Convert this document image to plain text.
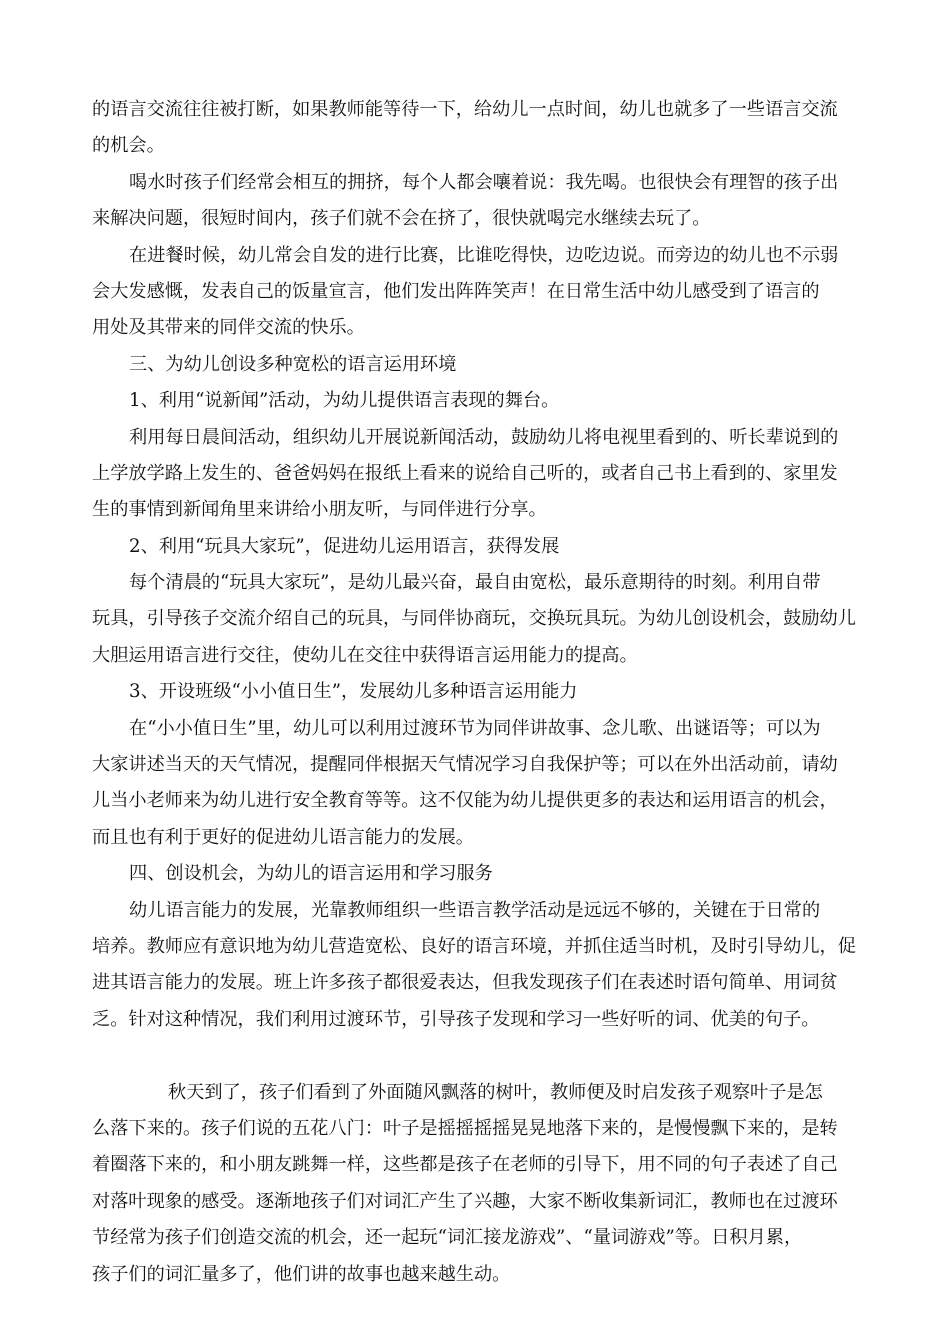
的语言交流往往被打断，如果教师能等待一下，给幼儿一点时间，幼儿也就多了一些语言交流
的机会。
喝水时孩子们经常会相互的拥挤，每个人都会嚷着说：我先喝。也很快会有理智的孩子出
来解决问题，很短时间内，孩子们就不会在挤了，很快就喝完水继续去玩了。
在进餐时候，幼儿常会自发的进行比赛，比谁吃得快，边吃边说。而旁边的幼儿也不示弱
会大发感慨，发表自己的饭量宣言，他们发出阵阵笑声！在日常生活中幼儿感受到了语言的
用处及其带来的同伴交流的快乐。
三、为幼儿创设多种宽松的语言运用环境
1、利用“说新闻”活动，为幼儿提供语言表现的舞台。
利用每日晨间活动，组织幼儿开展说新闻活动，鼓励幼儿将电视里看到的、听长辈说到的
上学放学路上发生的、爸爸妈妈在报纸上看来的说给自己听的，或者自己书上看到的、家里发
生的事情到新闻角里来讲给小朋友听，与同伴进行分享。
2、利用“玩具大家玩”，促进幼儿运用语言，获得发展
每个清晨的“玩具大家玩”，是幼儿最兴奋，最自由宽松，最乐意期待的时刻。利用自带
玩具，引导孩子交流介绍自己的玩具，与同伴协商玩，交换玩具玩。为幼儿创设机会，鼓励幼儿
大胆运用语言进行交往，使幼儿在交往中获得语言运用能力的提高。
3、开设班级“小小值日生”，发展幼儿多种语言运用能力
在“小小值日生”里，幼儿可以利用过渡环节为同伴讲故事、念儿歌、出谜语等；可以为
大家讲述当天的天气情况，提醒同伴根据天气情况学习自我保护等；可以在外出活动前，请幼
儿当小老师来为幼儿进行安全教育等等。这不仅能为幼儿提供更多的表达和运用语言的机会，
而且也有利于更好的促进幼儿语言能力的发展。
四、创设机会，为幼儿的语言运用和学习服务
幼儿语言能力的发展，光靠教师组织一些语言教学活动是远远不够的，关键在于日常的
培养。教师应有意识地为幼儿营造宽松、良好的语言环境，并抓住适当时机，及时引导幼儿，促
进其语言能力的发展。班上许多孩子都很爱表达，但我发现孩子们在表述时语句简单、用词贫
乏。针对这种情况，我们利用过渡环节，引导孩子发现和学习一些好听的词、优美的句子。
秋天到了，孩子们看到了外面随风飘落的树叶，教师便及时启发孩子观察叶子是怎
么落下来的。孩子们说的五花八门：叶子是摇摇摇摇晃晃地落下来的，是慢慢飘下来的，是转
着圈落下来的，和小朋友跳舞一样，这些都是孩子在老师的引导下，用不同的句子表述了自己
对落叶现象的感受。逐渐地孩子们对词汇产生了兴趣，大家不断收集新词汇，教师也在过渡环
节经常为孩子们创造交流的机会，还一起玩“词汇接龙游戏”、“量词游戏”等。日积月累，
孩子们的词汇量多了，他们讲的故事也越来越生动。
